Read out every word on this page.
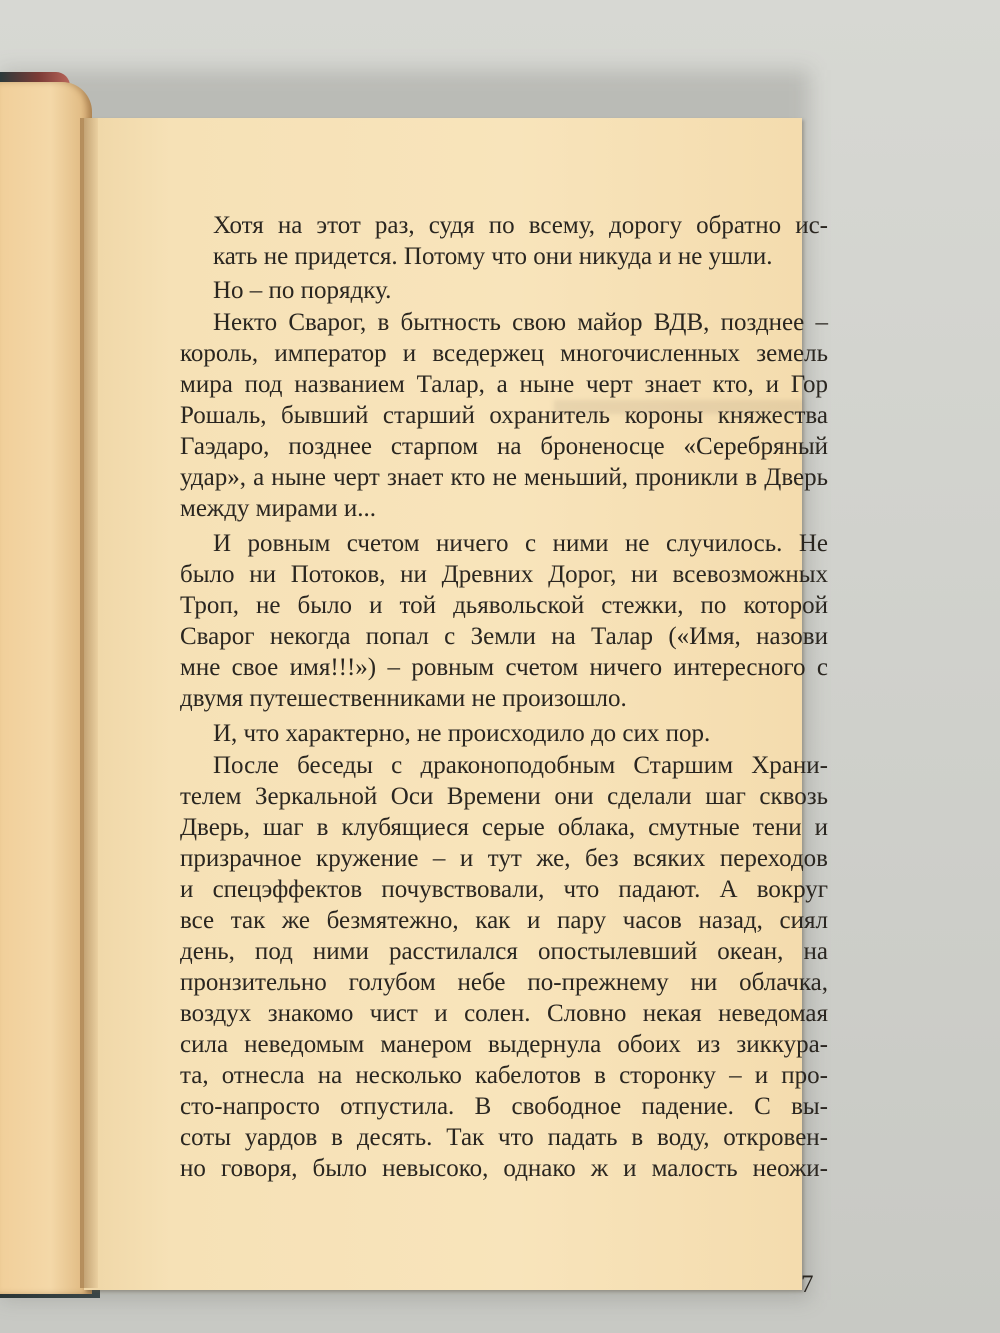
Хотя на этот раз, судя по всему, дорогу обратно ис-
кать не придется. Потому что они никуда и не ушли.
Но – по порядку.
Некто Сварог, в бытность свою майор ВДВ, позднее –
король, император и вседержец многочисленных земель
мира под названием Талар, а ныне черт знает кто, и Гор
Рошаль, бывший старший охранитель короны княжества
Гаэдаро, позднее старпом на броненосце «Серебряный
удар», а ныне черт знает кто не меньший, проникли в Дверь
между мирами и...
И ровным счетом ничего с ними не случилось. Не
было ни Потоков, ни Древних Дорог, ни всевозможных
Троп, не было и той дьявольской стежки, по которой
Сварог некогда попал с Земли на Талар («Имя, назови
мне свое имя!!!») – ровным счетом ничего интересного с
двумя путешественниками не произошло.
И, что характерно, не происходило до сих пор.
После беседы с драконоподобным Старшим Храни-
телем Зеркальной Оси Времени они сделали шаг сквозь
Дверь, шаг в клубящиеся серые облака, смутные тени и
призрачное кружение – и тут же, без всяких переходов
и спецэффектов почувствовали, что падают. А вокруг
все так же безмятежно, как и пару часов назад, сиял
день, под ними расстилался опостылевший океан, на
пронзительно голубом небе по-прежнему ни облачка,
воздух знакомо чист и солен. Словно некая неведомая
сила неведомым манером выдернула обоих из зиккура-
та, отнесла на несколько кабелотов в сторонку – и про-
сто-напросто отпустила. В свободное падение. С вы-
соты уардов в десять. Так что падать в воду, откровен-
но говоря, было невысоко, однако ж и малость неожи-
7
